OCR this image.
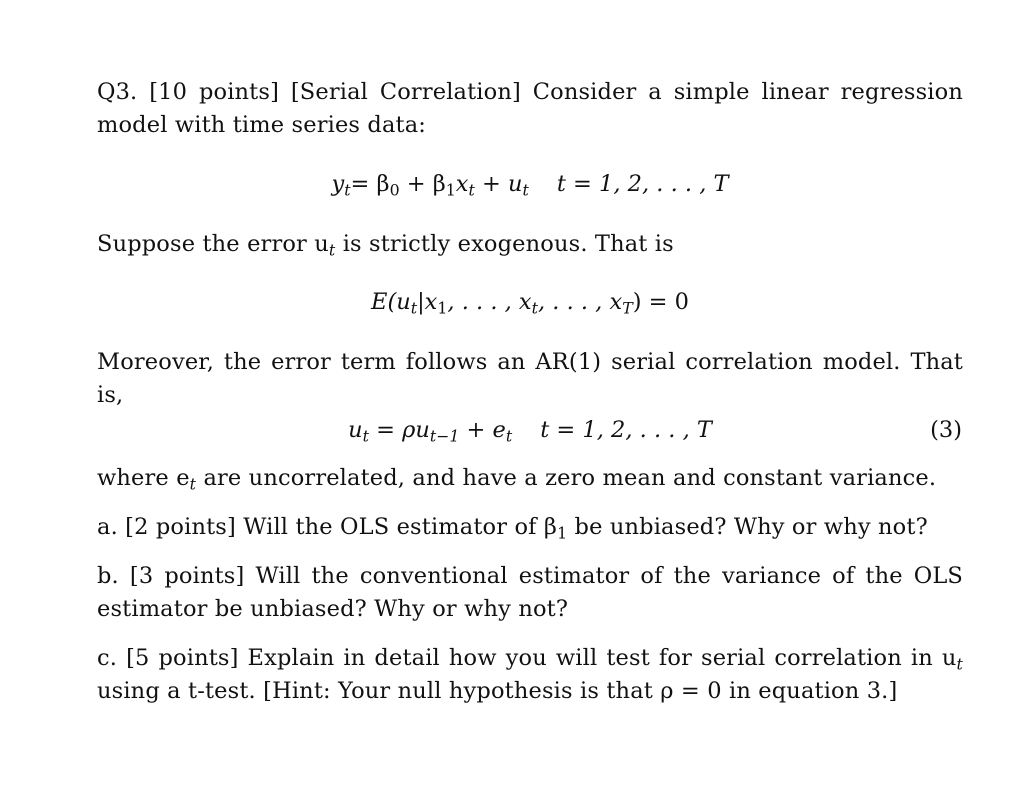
Q3. [10 points] [Serial Correlation] Consider a simple linear regression model with time series data:
$y_t= \beta_0 + \beta_1x_t + u_t$ t = 1, 2, . . . , T
Suppose the error $u_t$ is strictly exogenous. That is
$E(u_t|x_1$, . . . , $x_t$, . . . , $x_T) = 0$
Moreover, the error term follows an AR(1) serial correlation model. That is,
$u_t = \rho u_{t-1} + e_t$ t = 1, 2, . . . , T	(3)
where $e_t$ are uncorrelated, and have a zero mean and constant variance.
a. [2 points] Will the OLS estimator of $\beta_1$ be unbiased? Why or why not?
b. [3 points] Will the conventional estimator of the variance of the OLS estimator be unbiased? Why or why not?
c. [5 points] Explain in detail how you will test for serial correlation in $u_t$ using a t-test. [Hint: Your null hypothesis is that ρ = 0 in equation 3.]
